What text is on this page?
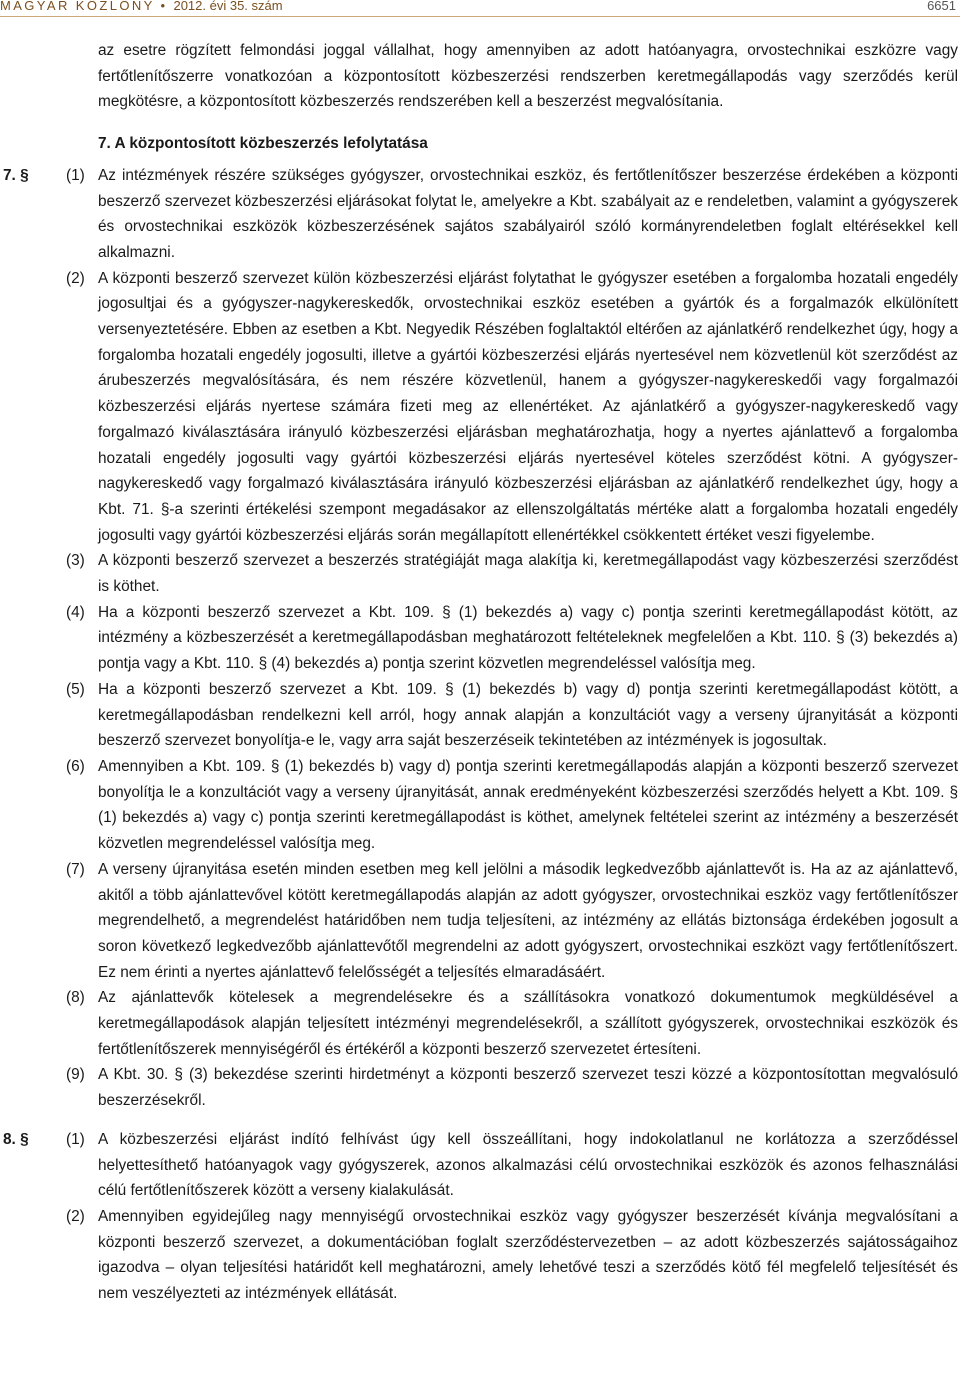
MAGYAR KÖZLÖNY • 2012. évi 35. szám	6651

az esetre rögzített felmondási joggal vállalhat, hogy amennyiben az adott hatóanyagra, orvostechnikai eszközre vagy fertőtlenítőszerre vonatkozóan a központosított közbeszerzési rendszerben keretmegállapodás vagy szerződés kerül megkötésre, a központosított közbeszerzés rendszerében kell a beszerzést megvalósítania.

7. A központosított közbeszerzés lefolytatása
7. § (1) Az intézmények részére szükséges gyógyszer, orvostechnikai eszköz, és fertőtlenítőszer beszerzése érdekében a központi beszerző szervezet közbeszerzési eljárásokat folytat le, amelyekre a Kbt. szabályait az e rendeletben, valamint a gyógyszerek és orvostechnikai eszközök közbeszerzésének sajátos szabályairól szóló kormányrendeletben foglalt eltérésekkel kell alkalmazni.
(2) A központi beszerző szervezet külön közbeszerzési eljárást folytathat le gyógyszer esetében a forgalomba hozatali engedély jogosultjai és a gyógyszer-nagykereskedők, orvostechnikai eszköz esetében a gyártók és a forgalmazók elkülönített versenyeztetésére. Ebben az esetben a Kbt. Negyedik Részében foglaltaktól eltérően az ajánlatkérő rendelkezhet úgy, hogy a forgalomba hozatali engedély jogosulti, illetve a gyártói közbeszerzési eljárás nyertesével nem közvetlenül köt szerződést az árubeszerzés megvalósítására, és nem részére közvetlenül, hanem a gyógyszer-nagykereskedői vagy forgalmazói közbeszerzési eljárás nyertese számára fizeti meg az ellenértéket. Az ajánlatkérő a gyógyszer-nagykereskedő vagy forgalmazó kiválasztására irányuló közbeszerzési eljárásban meghatározhatja, hogy a nyertes ajánlattevő a forgalomba hozatali engedély jogosulti vagy gyártói közbeszerzési eljárás nyertesével köteles szerződést kötni. A gyógyszer-nagykereskedő vagy forgalmazó kiválasztására irányuló közbeszerzési eljárásban az ajánlatkérő rendelkezhet úgy, hogy a Kbt. 71. §-a szerinti értékelési szempont megadásakor az ellenszolgáltatás mértéke alatt a forgalomba hozatali engedély jogosulti vagy gyártói közbeszerzési eljárás során megállapított ellenértékkel csökkentett értéket veszi figyelembe.
(3) A központi beszerző szervezet a beszerzés stratégiáját maga alakítja ki, keretmegállapodást vagy közbeszerzési szerződést is köthet.
(4) Ha a központi beszerző szervezet a Kbt. 109. § (1) bekezdés a) vagy c) pontja szerinti keretmegállapodást kötött, az intézmény a közbeszerzését a keretmegállapodásban meghatározott feltételeknek megfelelően a Kbt. 110. § (3) bekezdés a) pontja vagy a Kbt. 110. § (4) bekezdés a) pontja szerint közvetlen megrendeléssel valósítja meg.
(5) Ha a központi beszerző szervezet a Kbt. 109. § (1) bekezdés b) vagy d) pontja szerinti keretmegállapodást kötött, a keretmegállapodásban rendelkezni kell arról, hogy annak alapján a konzultációt vagy a verseny újranyitását a központi beszerző szervezet bonyolítja-e le, vagy arra saját beszerzéseik tekintetében az intézmények is jogosultak.
(6) Amennyiben a Kbt. 109. § (1) bekezdés b) vagy d) pontja szerinti keretmegállapodás alapján a központi beszerző szervezet bonyolítja le a konzultációt vagy a verseny újranyitását, annak eredményeként közbeszerzési szerződés helyett a Kbt. 109. § (1) bekezdés a) vagy c) pontja szerinti keretmegállapodást is köthet, amelynek feltételei szerint az intézmény a beszerzését közvetlen megrendeléssel valósítja meg.
(7) A verseny újranyitása esetén minden esetben meg kell jelölni a második legkedvezőbb ajánlattevőt is. Ha az az ajánlattevő, akitől a több ajánlattevővel kötött keretmegállapodás alapján az adott gyógyszer, orvostechnikai eszköz vagy fertőtlenítőszer megrendelhető, a megrendelést határidőben nem tudja teljesíteni, az intézmény az ellátás biztonsága érdekében jogosult a soron következő legkedvezőbb ajánlattevőtől megrendelni az adott gyógyszert, orvostechnikai eszközt vagy fertőtlenítőszert. Ez nem érinti a nyertes ajánlattevő felelősségét a teljesítés elmaradásáért.
(8) Az ajánlattevők kötelesek a megrendelésekre és a szállításokra vonatkozó dokumentumok megküldésével a keretmegállapodások alapján teljesített intézményi megrendelésekről, a szállított gyógyszerek, orvostechnikai eszközök és fertőtlenítőszerek mennyiségéről és értékéről a központi beszerző szervezetet értesíteni.
(9) A Kbt. 30. § (3) bekezdése szerinti hirdetményt a központi beszerző szervezet teszi közzé a központosítottan megvalósuló beszerzésekről.
8. § (1) A közbeszerzési eljárást indító felhívást úgy kell összeállítani, hogy indokolatlanul ne korlátozza a szerződéssel helyettesíthető hatóanyagok vagy gyógyszerek, azonos alkalmazási célú orvostechnikai eszközök és azonos felhasználási célú fertőtlenítőszerek között a verseny kialakulását.
(2) Amennyiben egyidejűleg nagy mennyiségű orvostechnikai eszköz vagy gyógyszer beszerzését kívánja megvalósítani a központi beszerző szervezet, a dokumentációban foglalt szerződéstervezetben – az adott közbeszerzés sajátosságaihoz igazodva – olyan teljesítési határidőt kell meghatározni, amely lehetővé teszi a szerződés kötő fél megfelelő teljesítését és nem veszélyezteti az intézmények ellátását.
